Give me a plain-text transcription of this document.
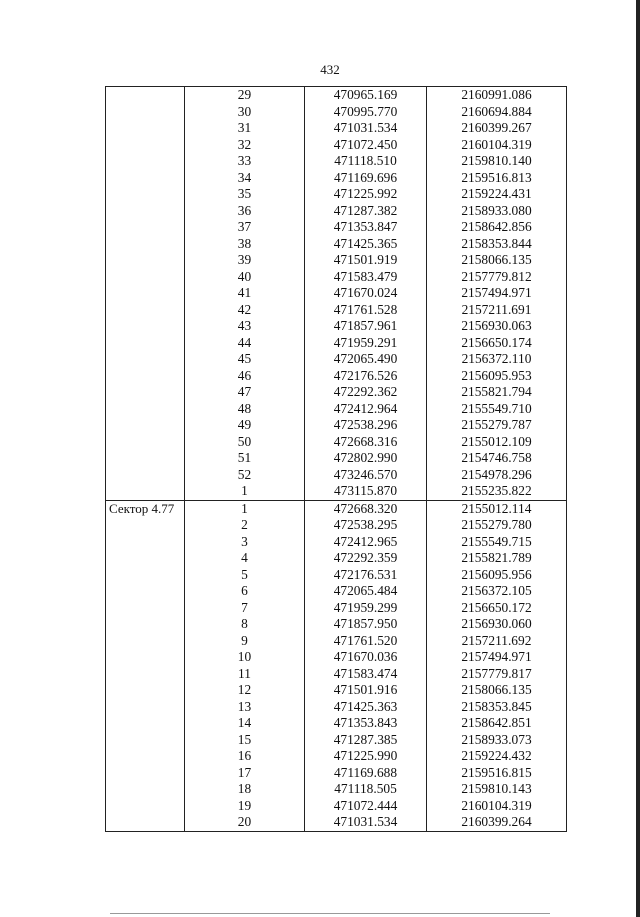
432
	29	470965.169	2160991.086
	30	470995.770	2160694.884
	31	471031.534	2160399.267
	32	471072.450	2160104.319
	33	471118.510	2159810.140
	34	471169.696	2159516.813
	35	471225.992	2159224.431
	36	471287.382	2158933.080
	37	471353.847	2158642.856
	38	471425.365	2158353.844
	39	471501.919	2158066.135
	40	471583.479	2157779.812
	41	471670.024	2157494.971
	42	471761.528	2157211.691
	43	471857.961	2156930.063
	44	471959.291	2156650.174
	45	472065.490	2156372.110
	46	472176.526	2156095.953
	47	472292.362	2155821.794
	48	472412.964	2155549.710
	49	472538.296	2155279.787
	50	472668.316	2155012.109
	51	472802.990	2154746.758
	52	473246.570	2154978.296
	1	473115.870	2155235.822
Сектор 4.77	1	472668.320	2155012.114
	2	472538.295	2155279.780
	3	472412.965	2155549.715
	4	472292.359	2155821.789
	5	472176.531	2156095.956
	6	472065.484	2156372.105
	7	471959.299	2156650.172
	8	471857.950	2156930.060
	9	471761.520	2157211.692
	10	471670.036	2157494.971
	11	471583.474	2157779.817
	12	471501.916	2158066.135
	13	471425.363	2158353.845
	14	471353.843	2158642.851
	15	471287.385	2158933.073
	16	471225.990	2159224.432
	17	471169.688	2159516.815
	18	471118.505	2159810.143
	19	471072.444	2160104.319
	20	471031.534	2160399.264
